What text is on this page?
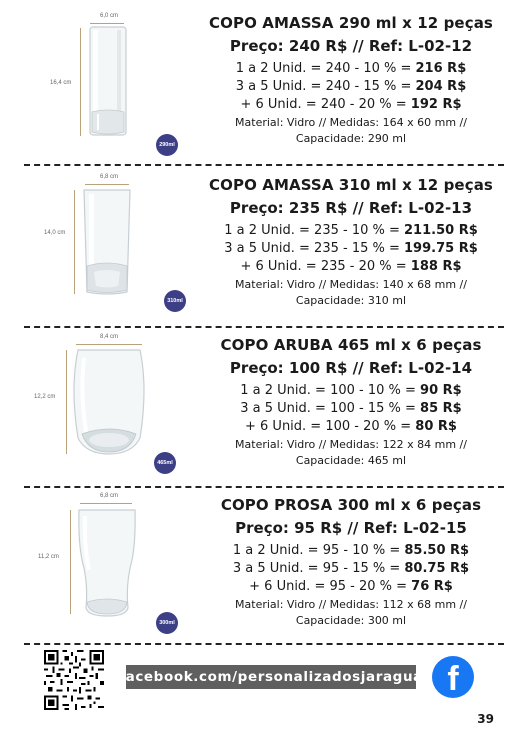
6,0 cm
16,4 cm
290ml
COPO AMASSA 290 ml x 12 peças
Preço: 240 R$ // Ref: L-02-12
1 a 2 Unid. = 240 - 10 % = 216 R$
3 a 5 Unid. = 240 - 15 % = 204 R$
+ 6 Unid. = 240 - 20 % = 192 R$
Material: Vidro // Medidas: 164 x 60 mm //
Capacidade: 290 ml
6,8 cm
14,0 cm
310ml
COPO AMASSA 310 ml x 12 peças
Preço: 235 R$ // Ref: L-02-13
1 a 2 Unid. = 235 - 10 % = 211.50 R$
3 a 5 Unid. = 235 - 15 % = 199.75 R$
+ 6 Unid. = 235 - 20 % = 188 R$
Material: Vidro // Medidas: 140 x 68 mm //
Capacidade: 310 ml
8,4 cm
12,2 cm
465ml
COPO ARUBA 465 ml x 6 peças
Preço: 100 R$ // Ref: L-02-14
1 a 2 Unid. = 100 - 10 % = 90 R$
3 a 5 Unid. = 100 - 15 % = 85 R$
+ 6 Unid. = 100 - 20 % = 80 R$
Material: Vidro // Medidas: 122 x 84 mm //
Capacidade: 465 ml
6,8 cm
11,2 cm
300ml
COPO PROSA 300 ml x 6 peças
Preço: 95 R$ // Ref: L-02-15
1 a 2 Unid. = 95 - 10 % = 85.50 R$
3 a 5 Unid. = 95 - 15 % = 80.75 R$
+ 6 Unid. = 95 - 20 % = 76 R$
Material: Vidro // Medidas: 112 x 68 mm //
Capacidade: 300 ml
facebook.com/personalizadosjaragua f
39
